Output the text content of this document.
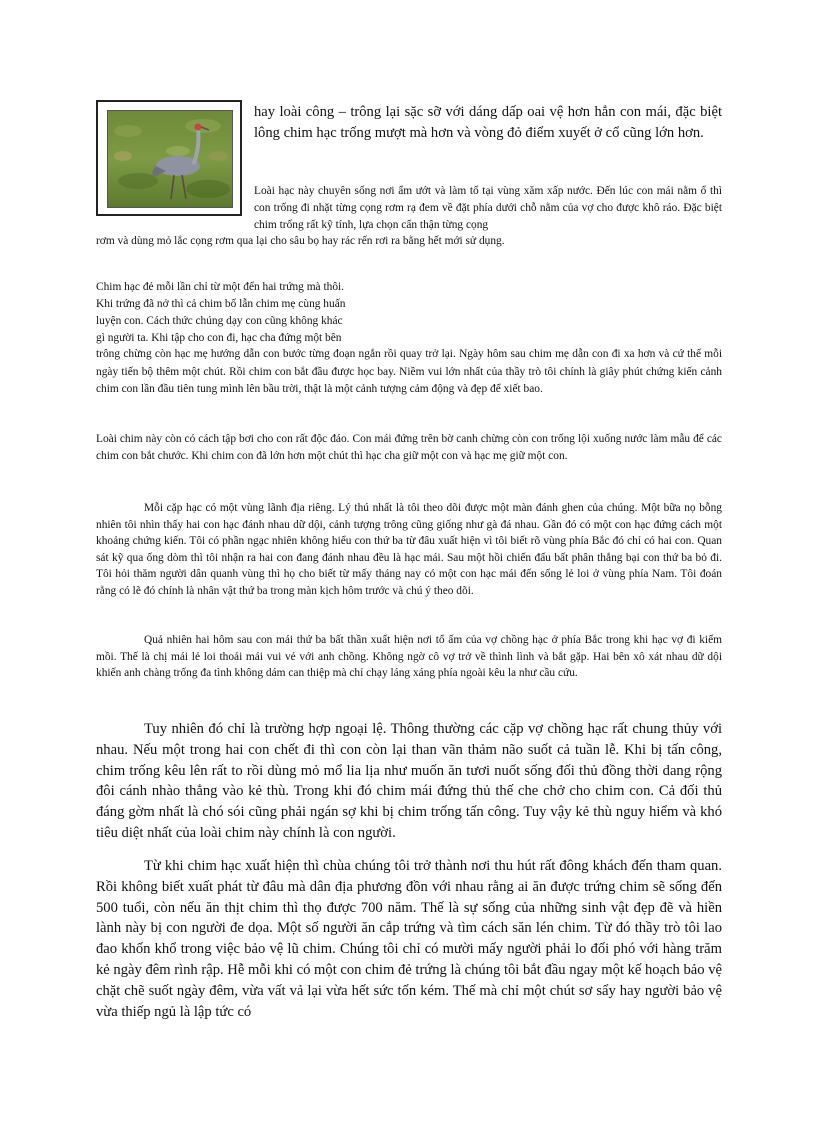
hay loài công – trông lại sặc sỡ với dáng dấp oai vệ hơn hẳn con mái, đặc biệt lông chim hạc trống mượt mà hơn và vòng đỏ điểm xuyết ở cổ cũng lớn hơn.

Loài hạc này chuyên sống nơi ẩm ướt và làm tổ tại vùng xăm xấp nước. Đến lúc con mái nằm ổ thì con trống đi nhặt từng cọng rơm rạ đem về đặt phía dưới chỗ nằm của vợ cho được khô ráo. Đặc biệt chim trống rất kỹ tính, lựa chọn cẩn thận từng cọng

rơm và dùng mỏ lắc cọng rơm qua lại cho sâu bọ hay rác rến rơi ra bằng hết mới sử dụng.

Chim hạc đẻ mỗi lần chỉ từ một đến hai trứng mà thôi.
Khi trứng đã nở thì cả chim bố lẫn chim mẹ cùng huấn
luyện con. Cách thức chúng dạy con cũng không khác
gì người ta. Khi tập cho con đi, hạc cha đứng một bên

trông chừng còn hạc mẹ hướng dẫn con bước từng đoạn ngắn rồi quay trở lại. Ngày hôm sau chim mẹ dẫn con đi xa hơn và cứ thế mỗi ngày tiến bộ thêm một chút. Rồi chim con bắt đầu được học bay. Niềm vui lớn nhất của thầy trò tôi chính là giây phút chứng kiến cảnh chim con lần đầu tiên tung mình lên bầu trời, thật là một cảnh tượng cảm động và đẹp để xiết bao.

Loài chim này còn có cách tập bơi cho con rất độc đáo. Con mái đứng trên bờ canh chừng còn con trống lội xuống nước làm mẫu để các chim con bắt chước. Khi chim con đã lớn hơn một chút thì hạc cha giữ một con và hạc mẹ giữ một con.

Mỗi cặp hạc có một vùng lãnh địa riêng. Lý thú nhất là tôi theo dõi được một màn đánh ghen của chúng. Một bữa nọ bỗng nhiên tôi nhìn thấy hai con hạc đánh nhau dữ dội, cảnh tượng trông cũng giống như gà đá nhau. Gần đó có một con hạc đứng cách một khoảng chứng kiến. Tôi có phần ngạc nhiên không hiểu con thứ ba từ đâu xuất hiện vì tôi biết rõ vùng phía Bắc đó chỉ có hai con. Quan sát kỹ qua ống dòm thì tôi nhận ra hai con đang đánh nhau đều là hạc mái. Sau một hồi chiến đấu bất phân thắng bại con thứ ba bỏ đi. Tôi hỏi thăm người dân quanh vùng thì họ cho biết từ mấy tháng nay có một con hạc mái đến sống lẻ loi ở vùng phía Nam. Tôi đoán rằng có lẽ đó chính là nhân vật thứ ba trong màn kịch hôm trước và chú ý theo dõi.

Quả nhiên hai hôm sau con mái thứ ba bất thần xuất hiện nơi tổ ấm của vợ chồng hạc ở phía Bắc trong khi hạc vợ đi kiếm mồi. Thế là chị mái lẻ loi thoải mái vui vẻ với anh chồng. Không ngờ cô vợ trở về thình lình và bắt gặp. Hai bên xô xát nhau dữ dội khiến anh chàng trống đa tình không dám can thiệp mà chỉ chạy láng xáng phía ngoài kêu la như cầu cứu.

Tuy nhiên đó chỉ là trường hợp ngoại lệ. Thông thường các cặp vợ chồng hạc rất chung thủy với nhau. Nếu một trong hai con chết đi thì con còn lại than vãn thảm não suốt cả tuần lễ. Khi bị tấn công, chim trống kêu lên rất to rồi dùng mỏ mổ lia lịa như muốn ăn tươi nuốt sống đối thủ đồng thời dang rộng đôi cánh nhào thẳng vào kẻ thù. Trong khi đó chim mái đứng thủ thế che chở cho chim con. Cả đối thủ đáng gờm nhất là chó sói cũng phải ngán sợ khi bị chim trống tấn công. Tuy vậy kẻ thù nguy hiểm và khó tiêu diệt nhất của loài chim này chính là con người.

Từ khi chim hạc xuất hiện thì chùa chúng tôi trở thành nơi thu hút rất đông khách đến tham quan. Rồi không biết xuất phát từ đâu mà dân địa phương đồn với nhau rằng ai ăn được trứng chim sẽ sống đến 500 tuổi, còn nếu ăn thịt chim thì thọ được 700 năm. Thế là sự sống của những sinh vật đẹp đẽ và hiền lành này bị con người đe dọa. Một số người ăn cắp trứng và tìm cách săn lén chim. Từ đó thầy trò tôi lao đao khốn khổ trong việc bảo vệ lũ chim. Chúng tôi chỉ có mười mấy người phải lo đối phó với hàng trăm kẻ ngày đêm rình rập. Hễ mỗi khi có một con chim đẻ trứng là chúng tôi bắt đầu ngay một kế hoạch bảo vệ chặt chẽ suốt ngày đêm, vừa vất vả lại vừa hết sức tốn kém. Thế mà chỉ một chút sơ sẩy hay người bảo vệ vừa thiếp ngủ là lập tức có
